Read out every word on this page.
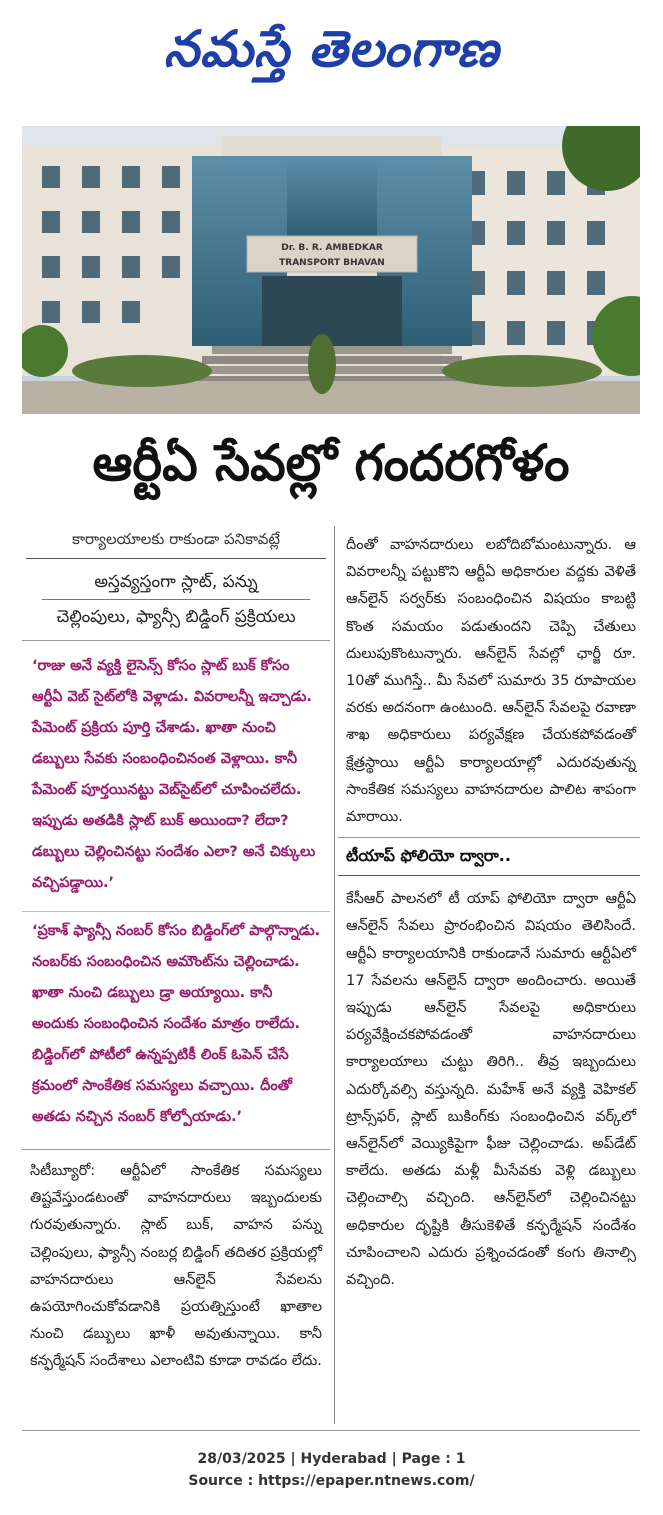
నమస్తే తెలంగాణ
Dr. B. R. AMBEDKAR
TRANSPORT BHAVAN
ఆర్టీఏ సేవల్లో గందరగోళం
కార్యాలయాలకు రాకుండా పనికావట్లే
అస్తవ్యస్తంగా స్లాట్, పన్ను
చెల్లింపులు, ఫ్యాన్సీ బిడ్డింగ్ ప్రక్రియలు
‘రాజు అనే వ్యక్తి లైసెన్స్ కోసం స్లాట్ బుక్ కోసం ఆర్టీఏ వెబ్ సైట్‌లోకి వెళ్లాడు. వివరాలన్నీ ఇచ్చాడు. పేమెంట్ ప్రక్రియ పూర్తి చేశాడు. ఖాతా నుంచి డబ్బులు సేవకు సంబంధించినంత వెళ్లాయి. కానీ పేమెంట్ పూర్తయినట్టు వెబ్‌సైట్‌లో చూపించలేదు. ఇప్పుడు అతడికి స్లాట్ బుక్ అయిందా? లేదా? డబ్బులు చెల్లించినట్టు సందేశం ఎలా? అనే చిక్కులు వచ్చిపడ్డాయి.’
‘ప్రకాశ్ ఫ్యాన్సీ నంబర్ కోసం బిడ్డింగ్‌లో పాల్గొన్నాడు. నంబర్‌కు సంబంధించిన అమౌంట్‌ను చెల్లించాడు. ఖాతా నుంచి డబ్బులు డ్రా అయ్యాయి. కానీ అందుకు సంబంధించిన సందేశం మాత్రం రాలేదు. బిడ్డింగ్‌లో పోటీలో ఉన్నప్పటికీ లింక్ ఓపెన్ చేసే క్రమంలో సాంకేతిక సమస్యలు వచ్చాయి. దీంతో అతడు నచ్చిన నంబర్ కోల్పోయాడు.’
సిటీబ్యూరో: ఆర్టీఏలో సాంకేతిక సమస్యలు తిష్టవేస్తుండటంతో వాహనదారులు ఇబ్బందులకు గురవుతున్నారు. స్లాట్ బుక్, వాహన పన్ను చెల్లింపులు, ఫ్యాన్సీ నంబర్ల బిడ్డింగ్ తదితర ప్రక్రియల్లో వాహనదారులు ఆన్‌లైన్ సేవలను ఉపయోగించుకోవడానికి ప్రయత్నిస్తుంటే ఖాతాల నుంచి డబ్బులు ఖాళీ అవుతున్నాయి. కానీ కన్ఫర్మేషన్ సందేశాలు ఎలాంటివి కూడా రావడం లేదు.
దీంతో వాహనదారులు లబోదిబోమంటున్నారు. ఆ వివరాలన్నీ పట్టుకొని ఆర్టీఏ అధికారుల వద్దకు వెళితే ఆన్‌లైన్ సర్వర్‌కు సంబంధించిన విషయం కాబట్టి కొంత సమయం పడుతుందని చెప్పి చేతులు దులుపుకొంటున్నారు. ఆన్‌లైన్ సేవల్లో ఛార్జీ రూ. 10తో ముగిస్తే.. మీ సేవలో సుమారు 35 రూపాయల వరకు అదనంగా ఉంటుంది. ఆన్‌లైన్ సేవలపై రవాణా శాఖ అధికారులు పర్యవేక్షణ చేయకపోవడంతో క్షేత్రస్థాయి ఆర్టీఏ కార్యాలయాల్లో ఎదురవుతున్న సాంకేతిక సమస్యలు వాహనదారుల పాలిట శాపంగా మారాయి.
టీయాప్ ఫోలియో ద్వారా..
కేసీఆర్ పాలనలో టీ యాప్ ఫోలియో ద్వారా ఆర్టీఏ ఆన్‌లైన్ సేవలు ప్రారంభించిన విషయం తెలిసిందే. ఆర్టీఏ కార్యాలయానికి రాకుండానే సుమారు ఆర్టీఏలో 17 సేవలను ఆన్‌లైన్ ద్వారా అందించారు. అయితే ఇప్పుడు ఆన్‌లైన్ సేవలపై అధికారులు పర్యవేక్షించకపోవడంతో వాహనదారులు కార్యాలయాలు చుట్టు తిరిగి.. తీవ్ర ఇబ్బందులు ఎదుర్కోవల్సి వస్తున్నది. మహేశ్ అనే వ్యక్తి వెహికల్ ట్రాన్స్‌ఫర్, స్లాట్ బుకింగ్‌కు సంబంధించిన వర్క్‌లో ఆన్‌లైన్‌లో వెయ్యికిపైగా ఫీజు చెల్లించాడు. అప్‌డేట్ కాలేదు. అతడు మళ్లీ మీసేవకు వెళ్లి డబ్బులు చెల్లించాల్సి వచ్చింది. ఆన్‌లైన్‌లో చెల్లించినట్టు అధికారుల దృష్టికి తీసుకెళితే కన్ఫర్మేషన్ సందేశం చూపించాలని ఎదురు ప్రశ్నించడంతో కంగు తినాల్సి వచ్చింది.
28/03/2025 | Hyderabad | Page : 1
Source : https://epaper.ntnews.com/
